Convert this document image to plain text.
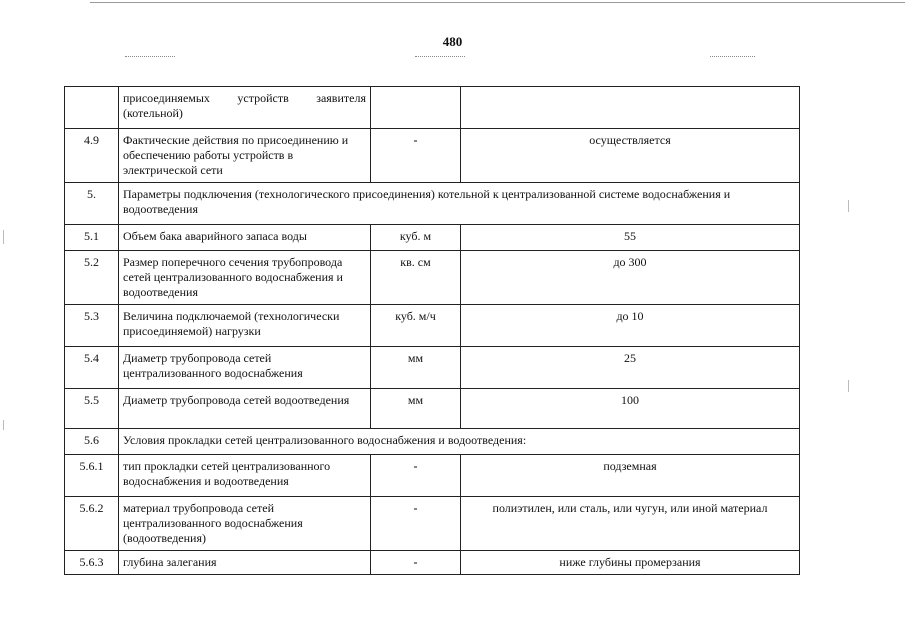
480

	присоединяемых устройств заявителя
(котельной)		

4.9	Фактические действия по присоединению и обеспечению работы устройств в электрической сети	-	осуществляется
5.	Параметры подключения (технологического присоединения) котельной к централизованной системе водоснабжения и водоотведения		
5.1	Объем бака аварийного запаса воды	куб. м	55
5.2	Размер поперечного сечения трубопровода сетей централизованного водоснабжения и водоотведения	кв. см	до 300
5.3	Величина подключаемой (технологически присоединяемой) нагрузки	куб. м/ч	до 10
5.4	Диаметр трубопровода сетей централизованного водоснабжения	мм	25
5.5	Диаметр трубопровода сетей водоотведения	мм	100
5.6	Условия прокладки сетей централизованного водоснабжения и водоотведения:		
5.6.1	тип прокладки сетей централизованного водоснабжения и водоотведения	-	подземная
5.6.2	материал трубопровода сетей централизованного водоснабжения (водоотведения)	-	полиэтилен, или сталь, или чугун, или иной материал
5.6.3	глубина залегания	-	ниже глубины промерзания
